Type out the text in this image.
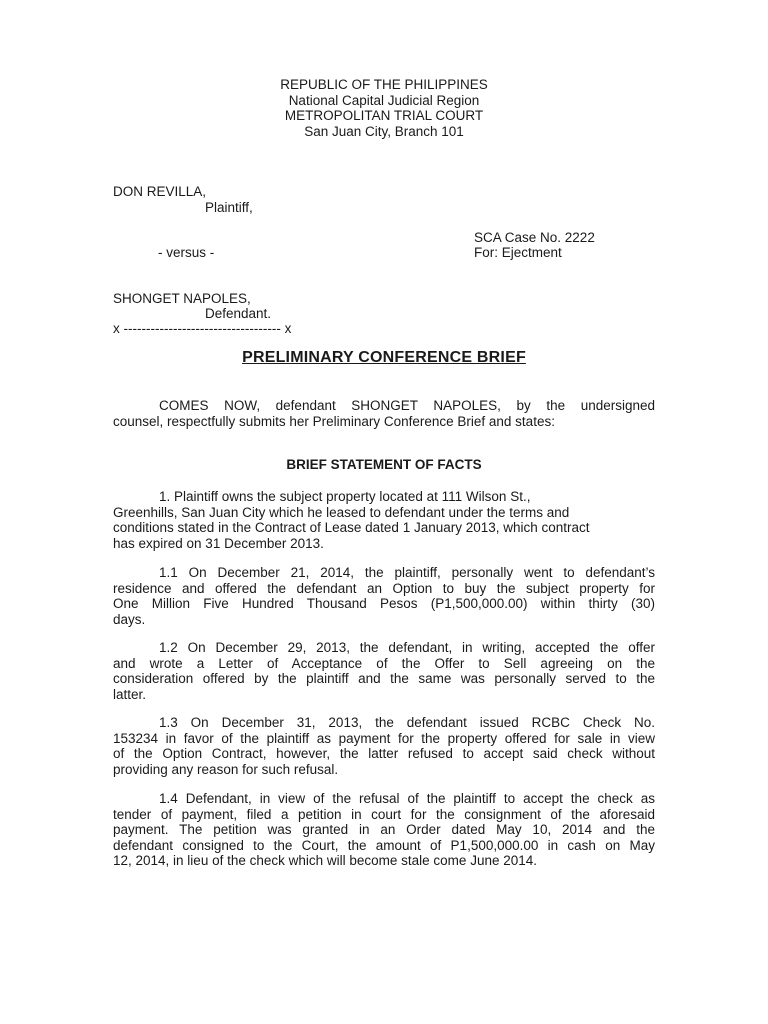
REPUBLIC OF THE PHILIPPINES
National Capital Judicial Region
METROPOLITAN TRIAL COURT
San Juan City, Branch 101
DON REVILLA,
Plaintiff,
SCA Case No. 2222
- versus -	For: Ejectment
SHONGET NAPOLES,
Defendant.
x ----------------------------------- x
PRELIMINARY CONFERENCE BRIEF
COMES NOW, defendant SHONGET NAPOLES, by the undersigned
counsel, respectfully submits her Preliminary Conference Brief and states:
BRIEF STATEMENT OF FACTS
1. Plaintiff owns the subject property located at 111 Wilson St.,
Greenhills, San Juan City which he leased to defendant under the terms and
conditions stated in the Contract of Lease dated 1 January 2013, which contract
has expired on 31 December 2013.
1.1 On December 21, 2014, the plaintiff, personally went to defendant’s
residence and offered the defendant an Option to buy the subject property for
One Million Five Hundred Thousand Pesos (P1,500,000.00) within thirty (30)
days.
1.2 On December 29, 2013, the defendant, in writing, accepted the offer
and wrote a Letter of Acceptance of the Offer to Sell agreeing on the
consideration offered by the plaintiff and the same was personally served to the
latter.
1.3 On December 31, 2013, the defendant issued RCBC Check No.
153234 in favor of the plaintiff as payment for the property offered for sale in view
of the Option Contract, however, the latter refused to accept said check without
providing any reason for such refusal.
1.4 Defendant, in view of the refusal of the plaintiff to accept the check as
tender of payment, filed a petition in court for the consignment of the aforesaid
payment. The petition was granted in an Order dated May 10, 2014 and the
defendant consigned to the Court, the amount of P1,500,000.00 in cash on May
12, 2014, in lieu of the check which will become stale come June 2014.
